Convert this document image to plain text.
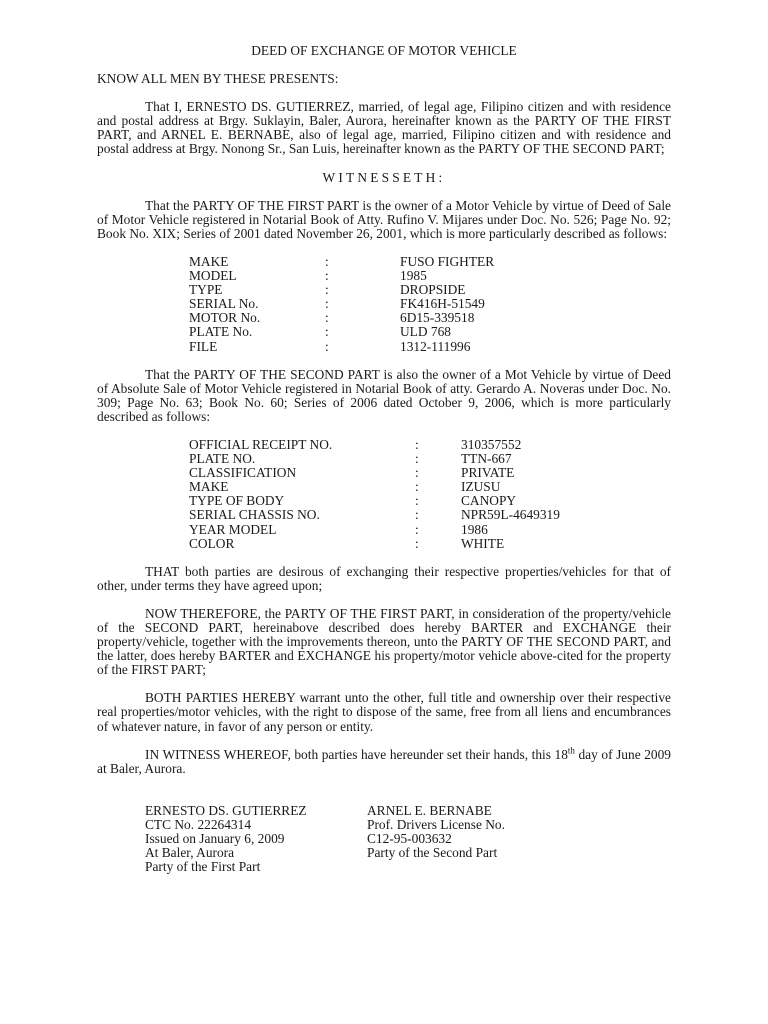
DEED OF EXCHANGE OF MOTOR VEHICLE
KNOW ALL MEN BY THESE PRESENTS:

That I, ERNESTO DS. GUTIERREZ, married, of legal age, Filipino citizen and with residence and postal address at Brgy. Suklayin, Baler, Aurora, hereinafter known as the PARTY OF THE FIRST PART, and ARNEL E. BERNABE, also of legal age, married, Filipino citizen and with residence and postal address at Brgy. Nonong Sr., San Luis, hereinafter known as the PARTY OF THE SECOND PART;

WITNESSETH:

That the PARTY OF THE FIRST PART is the owner of a Motor Vehicle by virtue of Deed of Sale of Motor Vehicle registered in Notarial Book of Atty. Rufino V. Mijares under Doc. No. 526; Page No. 92; Book No. XIX; Series of 2001 dated November 26, 2001, which is more particularly described as follows:

MAKE	:	FUSO FIGHTER
MODEL	:	1985
TYPE	:	DROPSIDE
SERIAL No.	:	FK416H-51549
MOTOR No.	:	6D15-339518
PLATE No.	:	ULD 768
FILE	:	1312-111996

That the PARTY OF THE SECOND PART is also the owner of a Mot Vehicle by virtue of Deed of Absolute Sale of Motor Vehicle registered in Notarial Book of atty. Gerardo A. Noveras under Doc. No. 309; Page No. 63; Book No. 60; Series of 2006 dated October 9, 2006, which is more particularly described as follows:

OFFICIAL RECEIPT NO.	:	310357552
PLATE NO.	:	TTN-667
CLASSIFICATION	:	PRIVATE
MAKE	:	IZUSU
TYPE OF BODY	:	CANOPY
SERIAL CHASSIS NO.	:	NPR59L-4649319
YEAR MODEL	:	1986
COLOR	:	WHITE

THAT both parties are desirous of exchanging their respective properties/vehicles for that of other, under terms they have agreed upon;

NOW THEREFORE, the PARTY OF THE FIRST PART, in consideration of the property/vehicle of the SECOND PART, hereinabove described does hereby BARTER and EXCHANGE their property/vehicle, together with the improvements thereon, unto the PARTY OF THE SECOND PART, and the latter, does hereby BARTER and EXCHANGE his property/motor vehicle above-cited for the property of the FIRST PART;

BOTH PARTIES HEREBY warrant unto the other, full title and ownership over their respective real properties/motor vehicles, with the right to dispose of the same, free from all liens and encumbrances of whatever nature, in favor of any person or entity.

IN WITNESS WHEREOF, both parties have hereunder set their hands, this 18th day of June 2009 at Baler, Aurora.

ERNESTO DS. GUTIERREZ
CTC No. 22264314
Issued on January 6, 2009
At Baler, Aurora
Party of the First Part
ARNEL E. BERNABE
Prof. Drivers License No.
C12-95-003632
Party of the Second Part
